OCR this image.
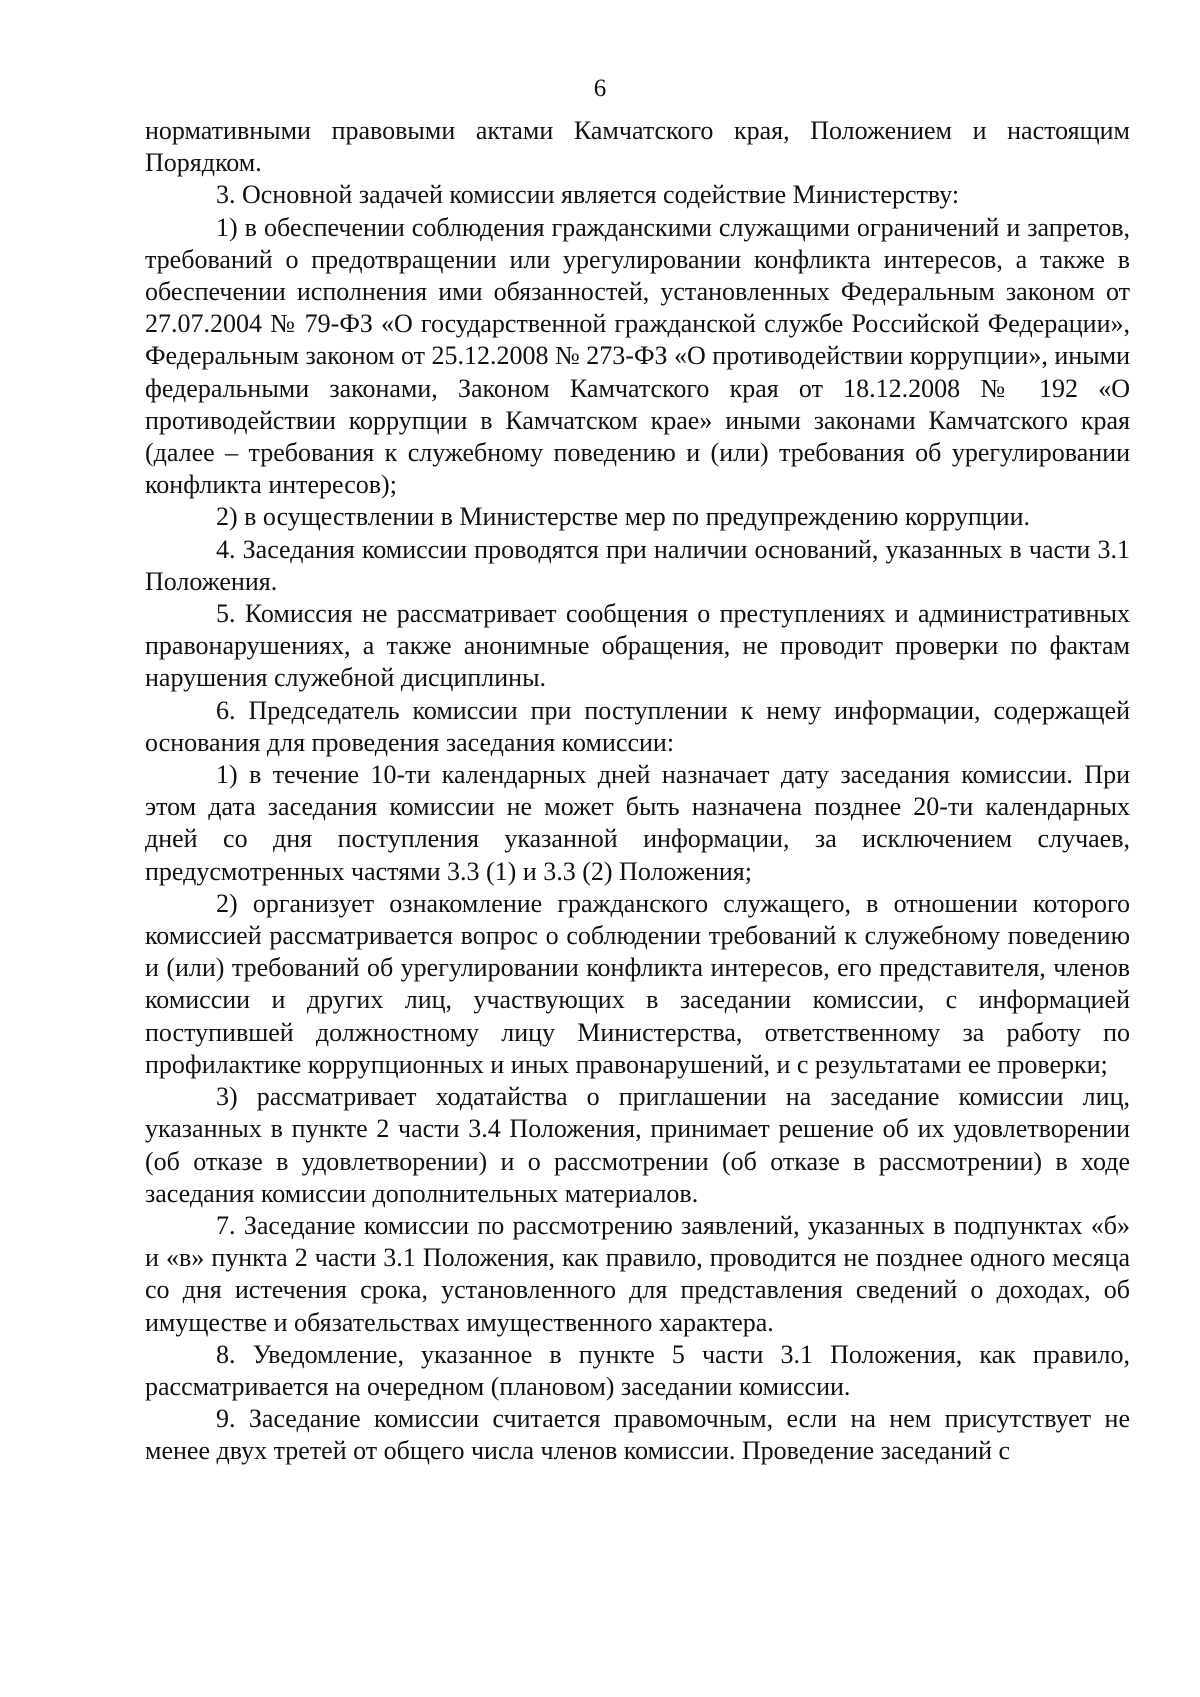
6

нормативными правовыми актами Камчатского края, Положением и настоящим Порядком.

3. Основной задачей комиссии является содействие Министерству:

1) в обеспечении соблюдения гражданскими служащими ограничений и запретов, требований о предотвращении или урегулировании конфликта интересов, а также в обеспечении исполнения ими обязанностей, установленных Федеральным законом от 27.07.2004 № 79-ФЗ «О государственной гражданской службе Российской Федерации», Федеральным законом от 25.12.2008 № 273-ФЗ «О противодействии коррупции», иными федеральными законами, Законом Камчатского края от 18.12.2008 № 192 «О противодействии коррупции в Камчатском крае» иными законами Камчатского края (далее – требования к служебному поведению и (или) требования об урегулировании конфликта интересов);

2) в осуществлении в Министерстве мер по предупреждению коррупции.

4. Заседания комиссии проводятся при наличии оснований, указанных в части 3.1 Положения.

5. Комиссия не рассматривает сообщения о преступлениях и административных правонарушениях, а также анонимные обращения, не проводит проверки по фактам нарушения служебной дисциплины.

6. Председатель комиссии при поступлении к нему информации, содержащей основания для проведения заседания комиссии:

1) в течение 10-ти календарных дней назначает дату заседания комиссии. При этом дата заседания комиссии не может быть назначена позднее 20-ти календарных дней со дня поступления указанной информации, за исключением случаев, предусмотренных частями 3.3 (1) и 3.3 (2) Положения;

2) организует ознакомление гражданского служащего, в отношении которого комиссией рассматривается вопрос о соблюдении требований к служебному поведению и (или) требований об урегулировании конфликта интересов, его представителя, членов комиссии и других лиц, участвующих в заседании комиссии, с информацией поступившей должностному лицу Министерства, ответственному за работу по профилактике коррупционных и иных правонарушений, и с результатами ее проверки;

3) рассматривает ходатайства о приглашении на заседание комиссии лиц, указанных в пункте 2 части 3.4 Положения, принимает решение об их удовлетворении (об отказе в удовлетворении) и о рассмотрении (об отказе в рассмотрении) в ходе заседания комиссии дополнительных материалов.

7. Заседание комиссии по рассмотрению заявлений, указанных в подпунктах «б» и «в» пункта 2 части 3.1 Положения, как правило, проводится не позднее одного месяца со дня истечения срока, установленного для представления сведений о доходах, об имуществе и обязательствах имущественного характера.

8. Уведомление, указанное в пункте 5 части 3.1 Положения, как правило, рассматривается на очередном (плановом) заседании комиссии.

9. Заседание комиссии считается правомочным, если на нем присутствует не менее двух третей от общего числа членов комиссии. Проведение заседаний с
